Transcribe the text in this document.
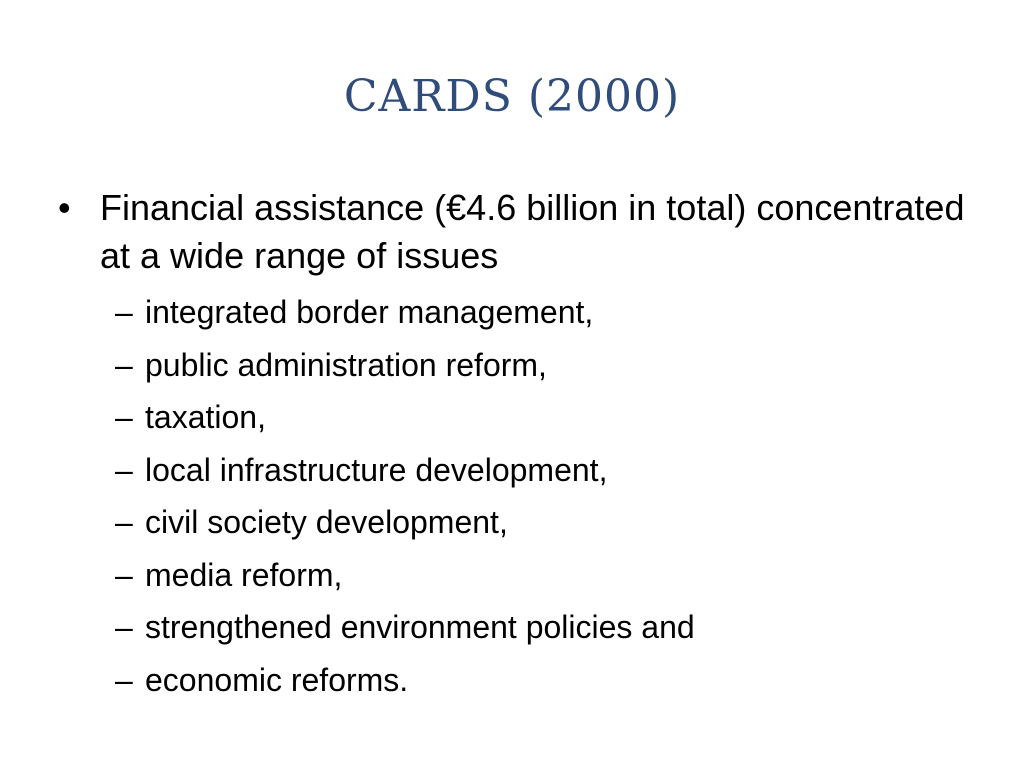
CARDS (2000)
• Financial assistance (€4.6 billion in total) concentrated at a wide range of issues
– integrated border management,
– public administration reform,
– taxation,
– local infrastructure development,
– civil society development,
– media reform,
– strengthened environment policies and
– economic reforms.
